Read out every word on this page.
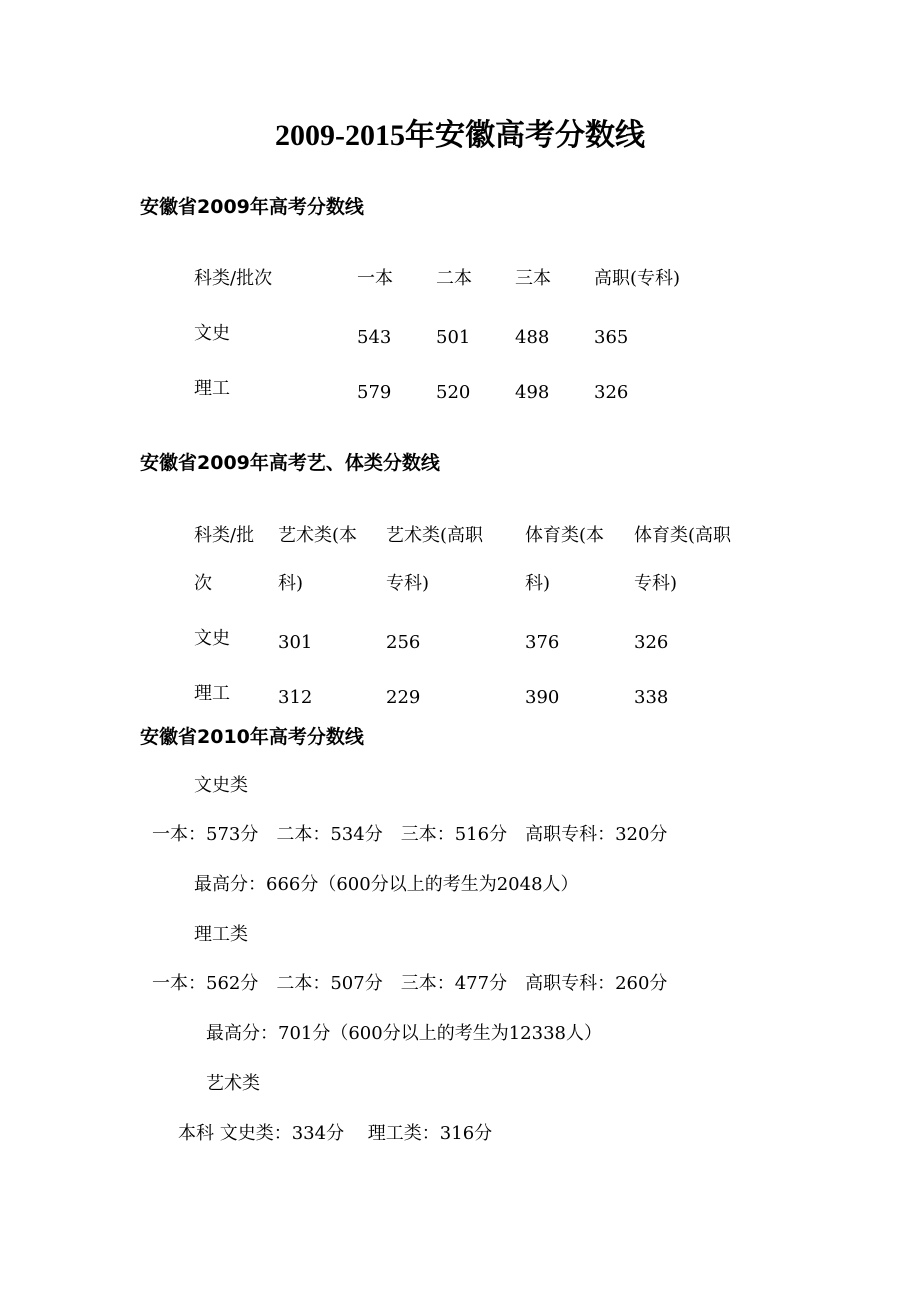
2009-2015年安徽高考分数线
安徽省2009年高考分数线
科类/批次	一本 二本 三本 高职(专科)
文史	543 501 488 365
理工	579 520 498 326
安徽省2009年高考艺、体类分数线
科类/批 艺术类(本 艺术类(高职 体育类(本 体育类(高职
次	科)	专科)	科)	专科)
文史	301	256	376	326
理工	312	229	390	338
安徽省2010年高考分数线
文史类
一本：573分　二本：534分　三本：516分　高职专科：320分
最高分：666分（600分以上的考生为2048人）
理工类
一本：562分　二本：507分　三本：477分　高职专科：260分
最高分：701分（600分以上的考生为12338人）
艺术类
本科 文史类：334分　 理工类：316分
